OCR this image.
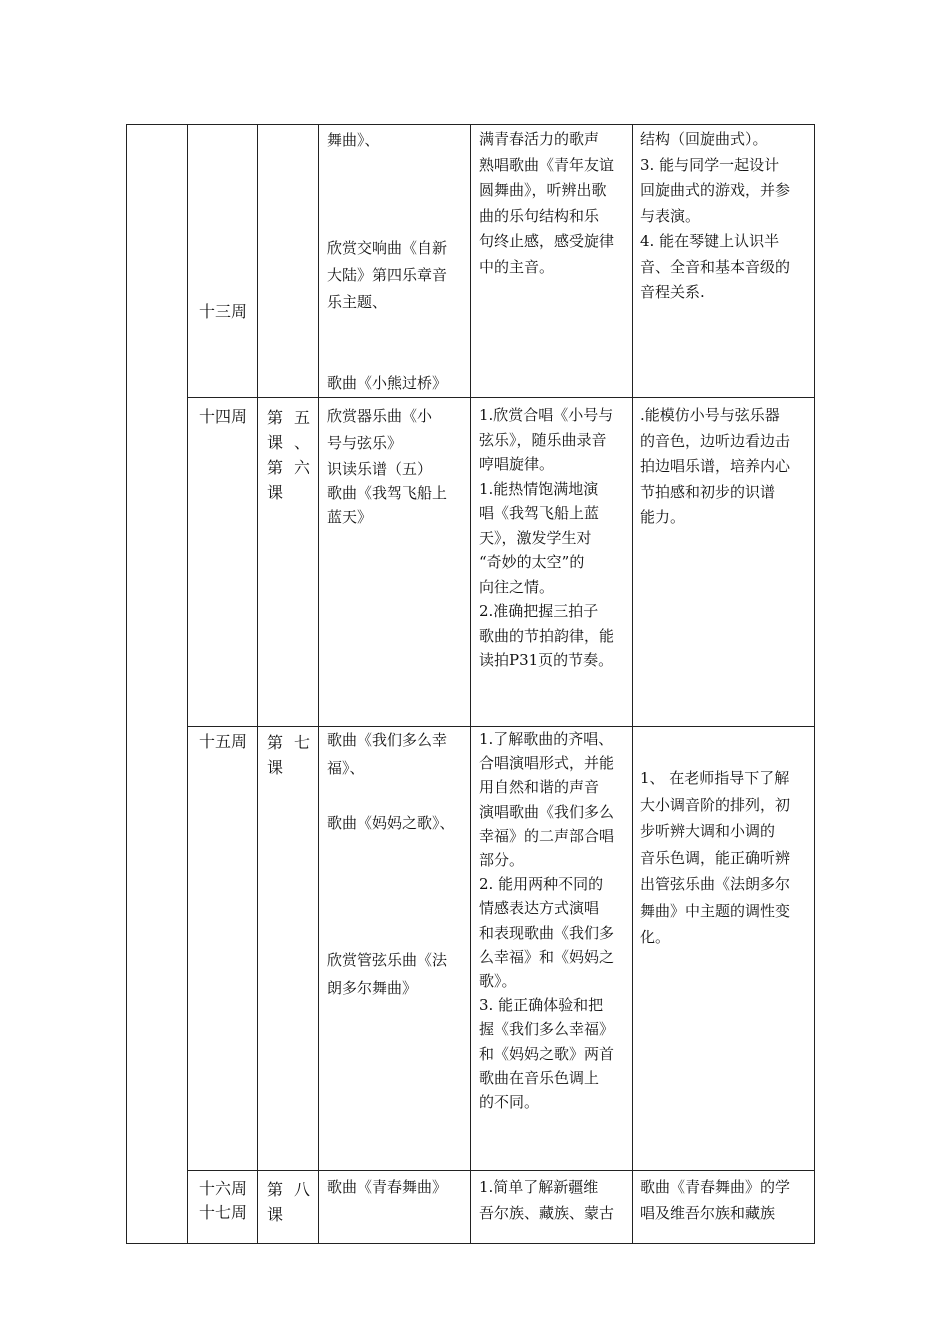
十三周
舞曲》、

欣赏交响曲《自新
大陆》第四乐章音
乐主题、

歌曲《小熊过桥》
满青春活力的歌声
熟唱歌曲《青年友谊
圆舞曲》，听辨出歌
曲的乐句结构和乐
句终止感，感受旋律
中的主音。
结构（回旋曲式）。
3. 能与同学一起设计
回旋曲式的游戏，并参
与表演。
4. 能在琴键上认识半
音、全音和基本音级的
音程关系.
十四周 第五
课、
第六
课
欣赏器乐曲《小
号与弦乐》
识读乐谱（五）
歌曲《我驾飞船上
蓝天》
1.欣赏合唱《小号与
弦乐》，随乐曲录音
哼唱旋律。
1.能热情饱满地演
唱《我驾飞船上蓝
天》，激发学生对
“奇妙的太空”的
向往之情。
2.准确把握三拍子
歌曲的节拍韵律，能
读拍P31页的节奏。
.能模仿小号与弦乐器
的音色，边听边看边击
拍边唱乐谱，培养内心
节拍感和初步的识谱
能力。
十五周 第七
课
歌曲《我们多么幸
福》、

歌曲《妈妈之歌》、

欣赏管弦乐曲《法
朗多尔舞曲》
1.了解歌曲的齐唱、
合唱演唱形式，并能
用自然和谐的声音
演唱歌曲《我们多么
幸福》的二声部合唱
部分。
2. 能用两种不同的
情感表达方式演唱
和表现歌曲《我们多
么幸福》和《妈妈之
歌》。
3. 能正确体验和把
握《我们多么幸福》
和《妈妈之歌》两首
歌曲在音乐色调上
的不同。
1、 在老师指导下了解
大小调音阶的排列，初
步听辨大调和小调的
音乐色调，能正确听辨
出管弦乐曲《法朗多尔
舞曲》中主题的调性变
化。
十六周
十七周
第八
课
歌曲《青春舞曲》 1.简单了解新疆维
吾尔族、藏族、蒙古
歌曲《青春舞曲》的学
唱及维吾尔族和藏族
